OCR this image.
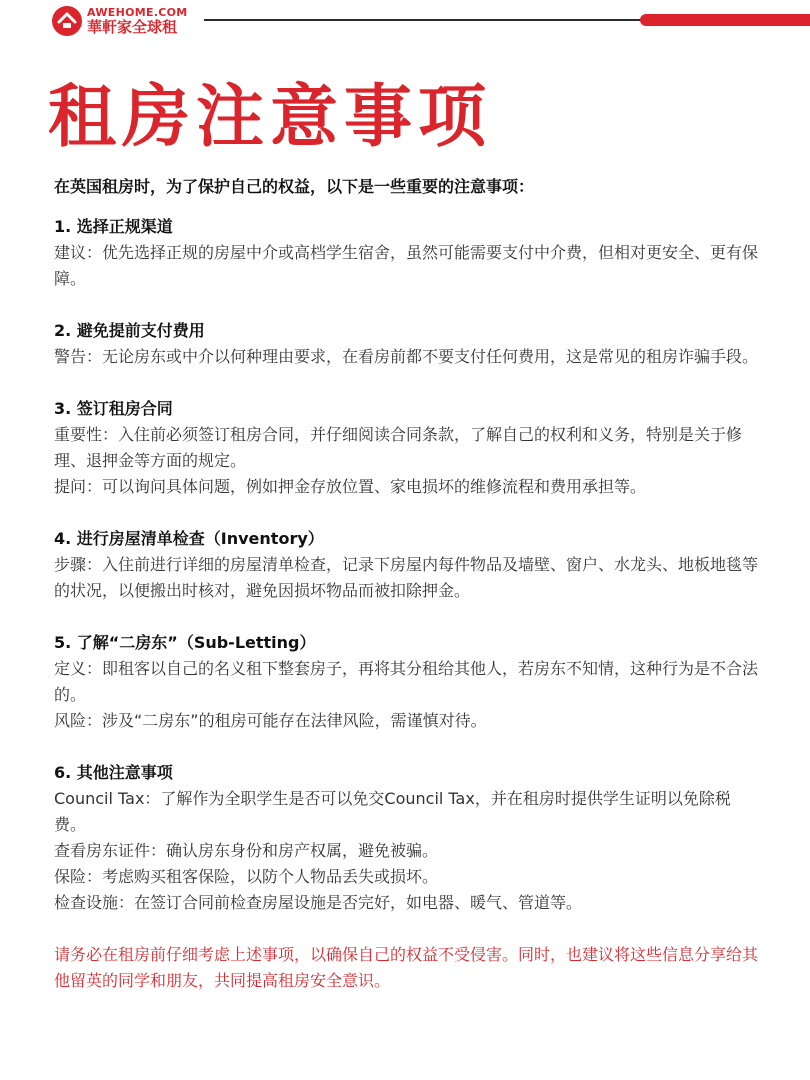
AWEHOME.COM
華軒家全球租
租房注意事项

在英国租房时，为了保护自己的权益，以下是一些重要的注意事项：

1. 选择正规渠道

建议：优先选择正规的房屋中介或高档学生宿舍，虽然可能需要支付中介费，但相对更安全、更有保障。

2. 避免提前支付费用

警告：无论房东或中介以何种理由要求，在看房前都不要支付任何费用，这是常见的租房诈骗手段。

3. 签订租房合同

重要性：入住前必须签订租房合同，并仔细阅读合同条款，了解自己的权利和义务，特别是关于修理、退押金等方面的规定。

提问：可以询问具体问题，例如押金存放位置、家电损坏的维修流程和费用承担等。

4. 进行房屋清单检查（Inventory）

步骤：入住前进行详细的房屋清单检查，记录下房屋内每件物品及墙壁、窗户、水龙头、地板地毯等的状况，以便搬出时核对，避免因损坏物品而被扣除押金。

5. 了解“二房东”（Sub-Letting）

定义：即租客以自己的名义租下整套房子，再将其分租给其他人，若房东不知情，这种行为是不合法的。

风险：涉及“二房东”的租房可能存在法律风险，需谨慎对待。

6. 其他注意事项

Council Tax：了解作为全职学生是否可以免交Council Tax，并在租房时提供学生证明以免除税费。

查看房东证件：确认房东身份和房产权属，避免被骗。

保险：考虑购买租客保险，以防个人物品丢失或损坏。

检查设施：在签订合同前检查房屋设施是否完好，如电器、暖气、管道等。

请务必在租房前仔细考虑上述事项，以确保自己的权益不受侵害。同时，也建议将这些信息分享给其他留英的同学和朋友，共同提高租房安全意识。
